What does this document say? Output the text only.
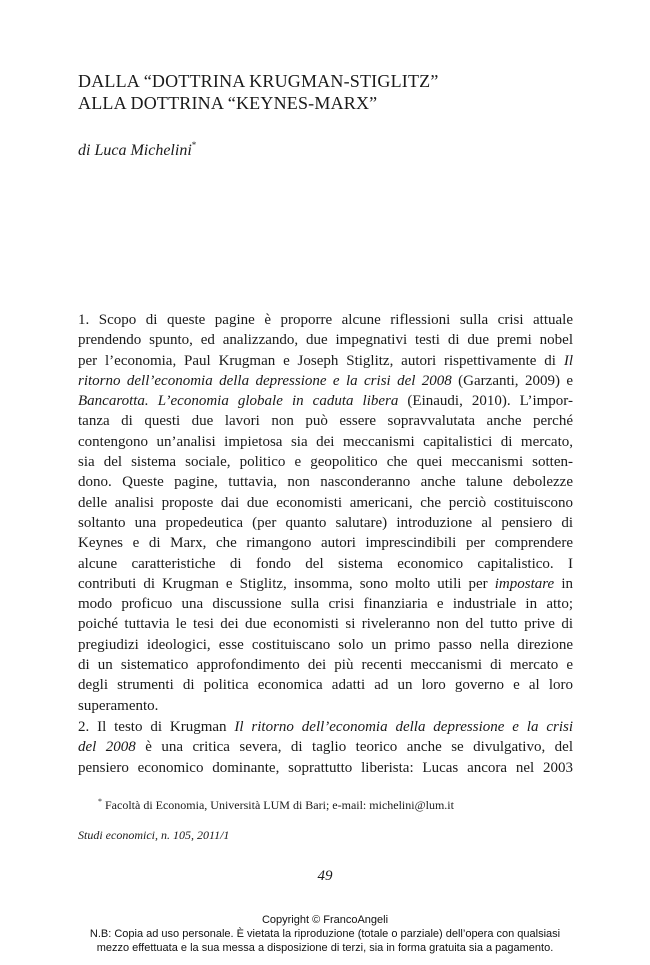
DALLA “DOTTRINA KRUGMAN-STIGLITZ”
ALLA DOTTRINA “KEYNES-MARX”
di Luca Michelini*
1. Scopo di queste pagine è proporre alcune riflessioni sulla crisi attuale
prendendo spunto, ed analizzando, due impegnativi testi di due premi nobel
per l’economia, Paul Krugman e Joseph Stiglitz, autori rispettivamente di Il
ritorno dell’economia della depressione e la crisi del 2008 (Garzanti, 2009) e
Bancarotta. L’economia globale in caduta libera (Einaudi, 2010). L’impor-
tanza di questi due lavori non può essere sopravvalutata anche perché
contengono un’analisi impietosa sia dei meccanismi capitalistici di mercato,
sia del sistema sociale, politico e geopolitico che quei meccanismi sotten-
dono. Queste pagine, tuttavia, non nasconderanno anche talune debolezze
delle analisi proposte dai due economisti americani, che perciò costituiscono
soltanto una propedeutica (per quanto salutare) introduzione al pensiero di
Keynes e di Marx, che rimangono autori imprescindibili per comprendere
alcune caratteristiche di fondo del sistema economico capitalistico. I
contributi di Krugman e Stiglitz, insomma, sono molto utili per impostare in
modo proficuo una discussione sulla crisi finanziaria e industriale in atto;
poiché tuttavia le tesi dei due economisti si riveleranno non del tutto prive di
pregiudizi ideologici, esse costituiscano solo un primo passo nella direzione
di un sistematico approfondimento dei più recenti meccanismi di mercato e
degli strumenti di politica economica adatti ad un loro governo e al loro
superamento.
2. Il testo di Krugman Il ritorno dell’economia della depressione e la crisi
del 2008 è una critica severa, di taglio teorico anche se divulgativo, del
pensiero economico dominante, soprattutto liberista: Lucas ancora nel 2003
* Facoltà di Economia, Università LUM di Bari; e-mail: michelini@lum.it
Studi economici, n. 105, 2011/1
49
Copyright © FrancoAngeli
N.B: Copia ad uso personale. È vietata la riproduzione (totale o parziale) dell’opera con qualsiasi
mezzo effettuata e la sua messa a disposizione di terzi, sia in forma gratuita sia a pagamento.
